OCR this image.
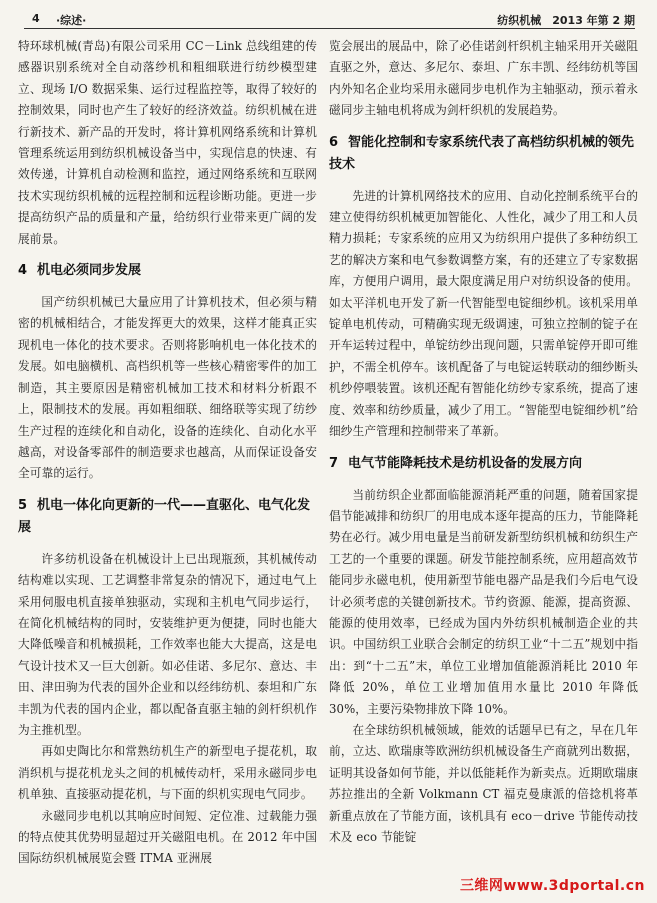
4 ·综述·	纺织机械　2013 年第 2 期

特环球机械(青岛)有限公司采用 CC－Link 总线组建的传感器识别系统对全自动落纱机和粗细联进行纺纱模型建立、现场 I/O 数据采集、运行过程监控等，取得了较好的控制效果，同时也产生了较好的经济效益。纺织机械在进行新技术、新产品的开发时，将计算机网络系统和计算机管理系统运用到纺织机械设备当中，实现信息的快速、有效传递，计算机自动检测和监控，通过网络系统和互联网技术实现纺织机械的远程控制和远程诊断功能。更进一步提高纺织产品的质量和产量，给纺织行业带来更广阔的发展前景。

4 机电必须同步发展

国产纺织机械已大量应用了计算机技术，但必须与精密的机械相结合，才能发挥更大的效果，这样才能真正实现机电一体化的技术要求。否则将影响机电一体化技术的发展。如电脑横机、高档织机等一些核心精密零件的加工制造，其主要原因是精密机械加工技术和材料分析跟不上，限制技术的发展。再如粗细联、细络联等实现了纺纱生产过程的连续化和自动化，设备的连续化、自动化水平越高，对设备零部件的制造要求也越高，从而保证设备安全可靠的运行。

5 机电一体化向更新的一代——直驱化、电气化发展

许多纺机设备在机械设计上已出现瓶颈，其机械传动结构难以实现、工艺调整非常复杂的情况下，通过电气上采用伺服电机直接单独驱动，实现和主机电气同步运行，在简化机械结构的同时，安装维护更为便捷，同时也能大大降低噪音和机械损耗，工作效率也能大大提高，这是电气设计技术又一巨大创新。如必佳诺、多尼尔、意达、丰田、津田驹为代表的国外企业和以经纬纺机、泰坦和广东丰凯为代表的国内企业，都以配备直驱主轴的剑杆织机作为主推机型。

再如史陶比尔和常熟纺机生产的新型电子提花机，取消织机与提花机龙头之间的机械传动杆，采用永磁同步电机单独、直接驱动提花机，与下面的织机实现电气同步。

永磁同步电机以其响应时间短、定位准、过载能力强的特点使其优势明显超过开关磁阻电机。在 2012 年中国国际纺织机械展览会暨 ITMA 亚洲展

览会展出的展品中，除了必佳诺剑杆织机主轴采用开关磁阻直驱之外，意达、多尼尔、泰坦、广东丰凯、经纬纺机等国内外知名企业均采用永磁同步电机作为主轴驱动，预示着永磁同步主轴电机将成为剑杆织机的发展趋势。

6 智能化控制和专家系统代表了高档纺织机械的领先技术

先进的计算机网络技术的应用、自动化控制系统平台的建立使得纺织机械更加智能化、人性化，减少了用工和人员精力损耗；专家系统的应用又为纺织用户提供了多种纺织工艺的解决方案和电气参数调整方案，有的还建立了专家数据库，方便用户调用，最大限度满足用户对纺织设备的使用。如太平洋机电开发了新一代智能型电锭细纱机。该机采用单锭单电机传动，可精确实现无级调速，可独立控制的锭子在开车运转过程中，单锭纺纱出现问题，只需单锭停开即可维护，不需全机停车。该机配备了与电锭运转联动的细纱断头机纱停喂装置。该机还配有智能化纺纱专家系统，提高了速度、效率和纺纱质量，减少了用工。“智能型电锭细纱机”给细纱生产管理和控制带来了革新。

7 电气节能降耗技术是纺机设备的发展方向

当前纺织企业都面临能源消耗严重的问题，随着国家提倡节能减排和纺织厂的用电成本逐年提高的压力，节能降耗势在必行。减少用电量是当前研发新型纺织机械和纺织生产工艺的一个重要的课题。研发节能控制系统，应用超高效节能同步永磁电机，使用新型节能电器产品是我们今后电气设计必须考虑的关键创新技术。节约资源、能源，提高资源、能源的使用效率，已经成为国内外纺织机械制造企业的共识。中国纺织工业联合会制定的纺织工业“十二五”规划中指出：到“十二五”末，单位工业增加值能源消耗比 2010 年降低 20%，单位工业增加值用水量比 2010 年降低 30%，主要污染物排放下降 10%。

在全球纺织机械领域，能效的话题早已有之，早在几年前，立达、欧瑞康等欧洲纺织机械设备生产商就列出数据，证明其设备如何节能，并以低能耗作为新卖点。近期欧瑞康苏拉推出的全新 Volkmann CT 福克曼康派的倍捻机将革新重点放在了节能方面，该机具有 eco－drive 节能传动技术及 eco 节能锭

三维网www.3dportal.cn
